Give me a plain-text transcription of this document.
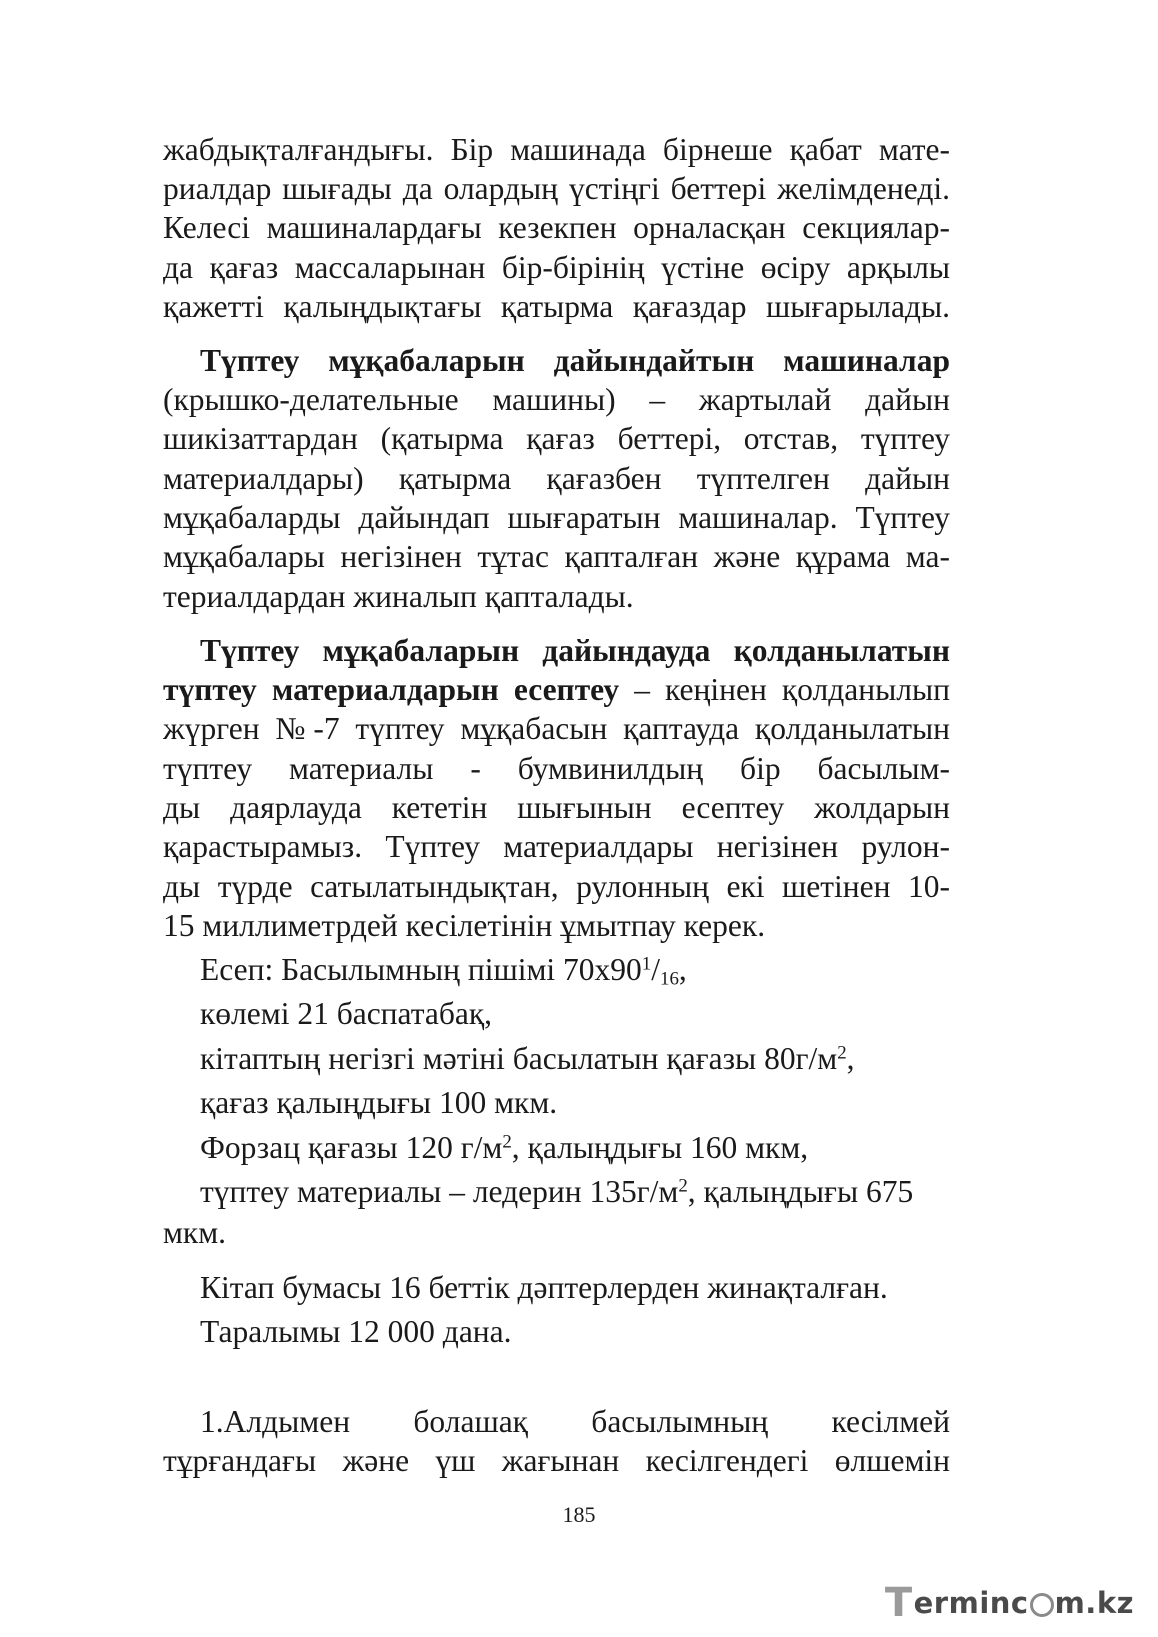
жабдықталғандығы. Бір машинада бірнеше қабат мате-
риалдар шығады да олардың үстіңгі беттері желімденеді.
Келесі машиналардағы кезекпен орналасқан секциялар-
да қағаз массаларынан бір-бірінің үстіне өсіру арқылы
қажетті қалыңдықтағы қатырма қағаздар шығарылады.
Түптеу мұқабаларын дайындайтын машиналар
(крышко-делательные машины) – жартылай дайын
шикізаттардан (қатырма қағаз беттері, отстав, түптеу
материалдары) қатырма қағазбен түптелген дайын
мұқабаларды дайындап шығаратын машиналар. Түптеу
мұқабалары негізінен тұтас қапталған және құрама ма-
териалдардан жиналып қапталады.
Түптеу мұқабаларын дайындауда қолданылатын
түптеу материалдарын есептеу – кеңінен қолданылып
жүрген №-7 түптеу мұқабасын қаптауда қолданылатын
түптеу материалы - бумвинилдың бір басылым-
ды даярлауда кететін шығынын есептеу жолдарын
қарастырамыз. Түптеу материалдары негізінен рулон-
ды түрде сатылатындықтан, рулонның екі шетінен 10-
15 миллиметрдей кесілетінін ұмытпау керек.
Есеп: Басылымның пішімі $70х90^1/_{16}$,
көлемі 21 баспатабақ,
кітаптың негізгі мәтіні басылатын қағазы $80г/м^2$,
қағаз қалыңдығы 100 мкм.
Форзац қағазы 120 $г/м^2$, қалыңдығы 160 мкм,
түптеу материалы – ледерин $135г/м^2$, қалыңдығы 675
мкм.
Кітап бумасы 16 беттік дәптерлерден жинақталған.
Таралымы 12 000 дана.
1.Алдымен болашақ басылымның кесілмей
тұрғандағы және үш жағынан кесілгендегі өлшемін
185
T erminc m.kz
